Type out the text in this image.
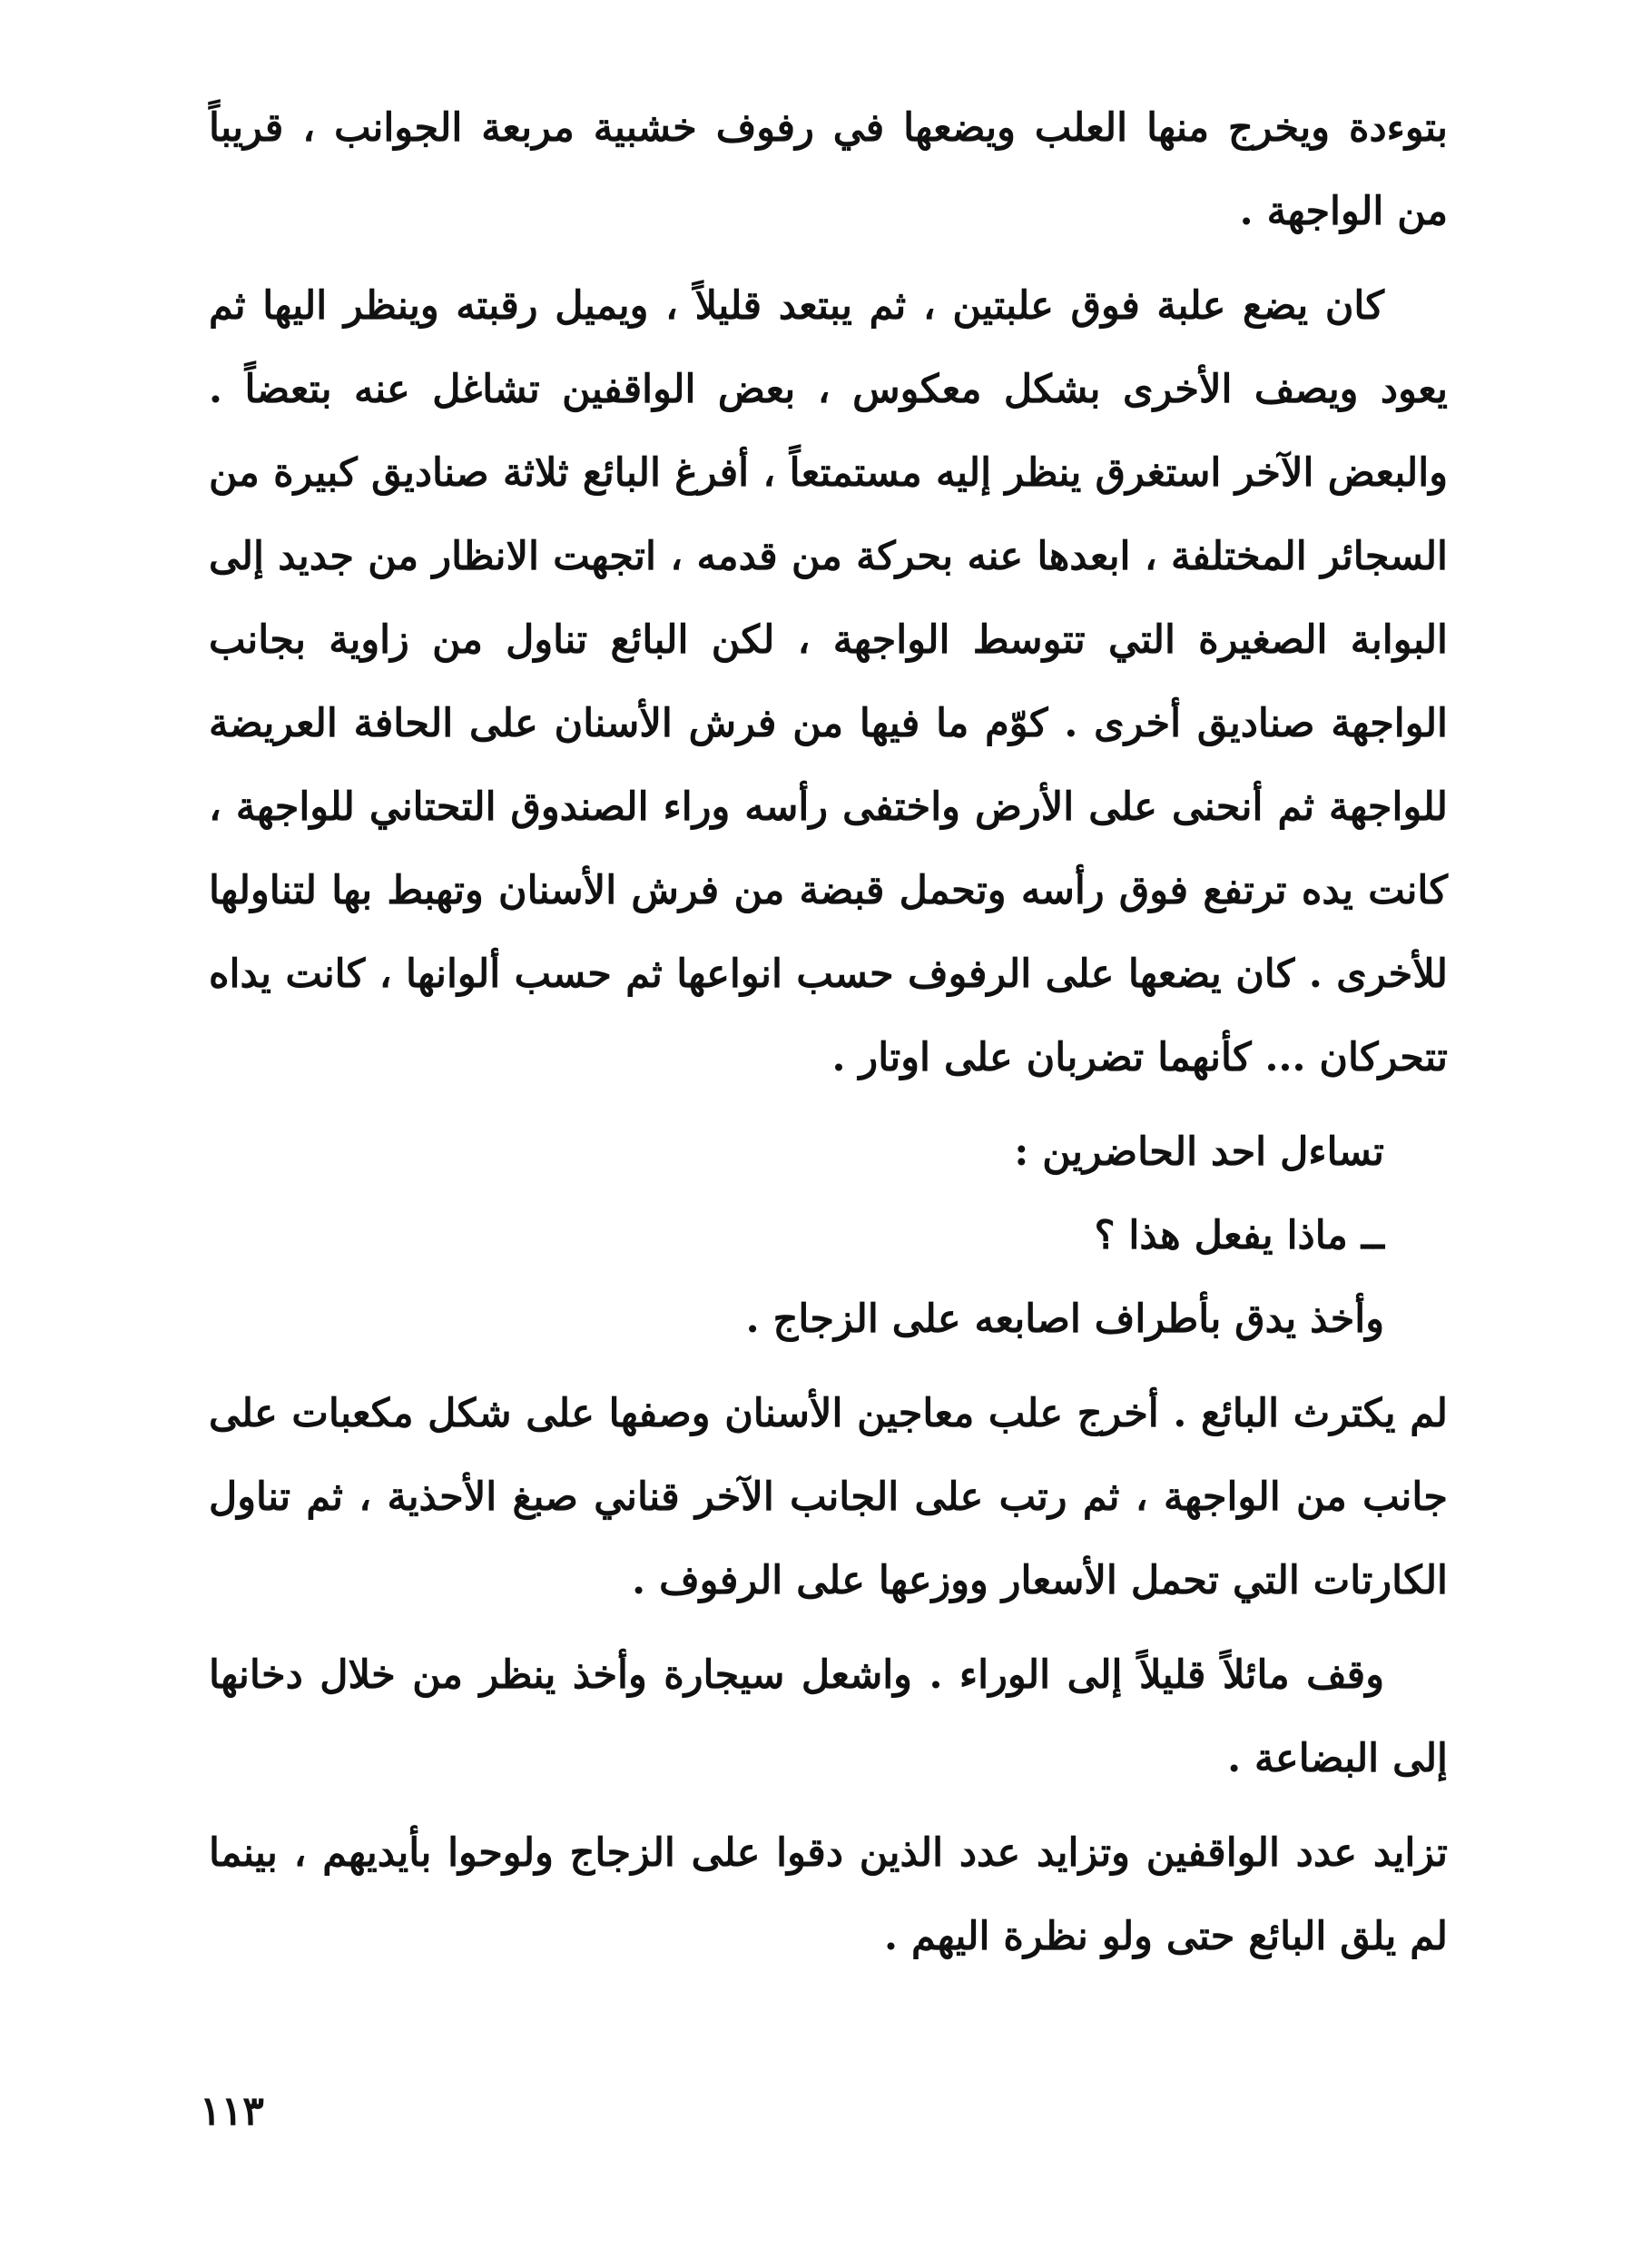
بتوءدة ويخرج منها العلب ويضعها في رفوف خشبية مربعة الجوانب ، قريباً من الواجهة .

كان يضع علبة فوق علبتين ، ثم يبتعد قليلاً ، ويميل رقبته وينظر اليها ثم يعود ويصف الأخرى بشكل معكوس ، بعض الواقفين تشاغل عنه بتعضاً . والبعض الآخر استغرق ينظر إليه مستمتعاً ، أفرغ البائع ثلاثة صناديق كبيرة من السجائر المختلفة ، ابعدها عنه بحركة من قدمه ، اتجهت الانظار من جديد إلى البوابة الصغيرة التي تتوسط الواجهة ، لكن البائع تناول من زاوية بجانب الواجهة صناديق أخرى . كوّم ما فيها من فرش الأسنان على الحافة العريضة للواجهة ثم أنحنى على الأرض واختفى رأسه وراء الصندوق التحتاني للواجهة ، كانت يده ترتفع فوق رأسه وتحمل قبضة من فرش الأسنان وتهبط بها لتناولها للأخرى . كان يضعها على الرفوف حسب انواعها ثم حسب ألوانها ، كانت يداه تتحركان ... كأنهما تضربان على اوتار .

تساءل احد الحاضرين :

ــ ماذا يفعل هذا ؟

وأخذ يدق بأطراف اصابعه على الزجاج .

لم يكترث البائع . أخرج علب معاجين الأسنان وصفها على شكل مكعبات على جانب من الواجهة ، ثم رتب على الجانب الآخر قناني صبغ الأحذية ، ثم تناول الكارتات التي تحمل الأسعار ووزعها على الرفوف .

وقف مائلاً قليلاً إلى الوراء . واشعل سيجارة وأخذ ينظر من خلال دخانها إلى البضاعة .

تزايد عدد الواقفين وتزايد عدد الذين دقوا على الزجاج ولوحوا بأيديهم ، بينما لم يلق البائع حتى ولو نظرة اليهم .

١١٣
